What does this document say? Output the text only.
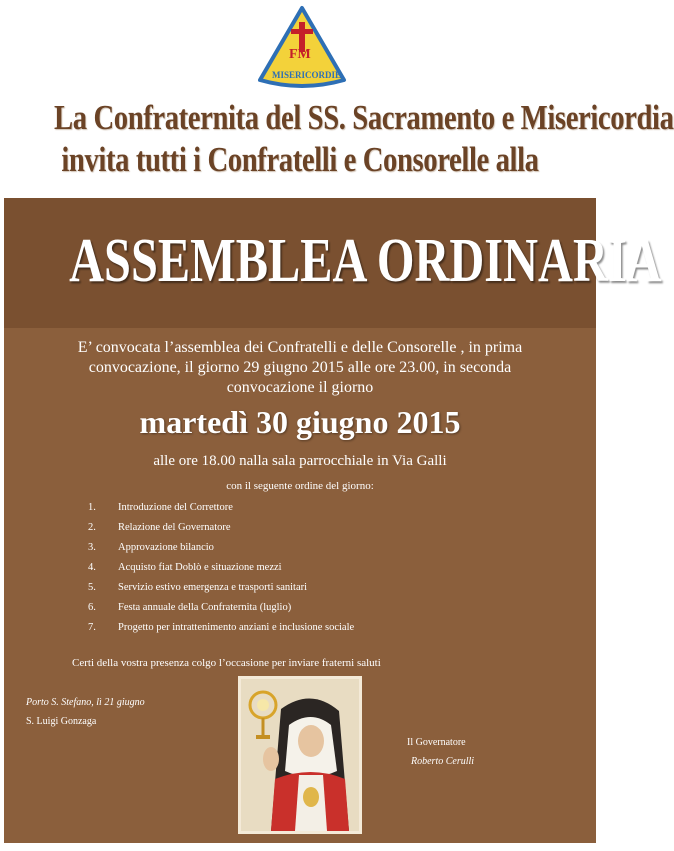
FM
MISERICORDIE
La Confraternita del SS. Sacramento e Misericordia
invita tutti i Confratelli e Consorelle alla
ASSEMBLEA ORDINARIA
E’ convocata l’assemblea dei Confratelli e delle Consorelle , in prima
convocazione, il giorno 29 giugno 2015 alle ore 23.00, in seconda
convocazione il giorno
martedì 30 giugno 2015
alle ore 18.00 nalla sala parrocchiale in Via Galli
con il seguente ordine del giorno:
1.	Introduzione del Correttore
2.	Relazione del Governatore
3.	Approvazione bilancio
4.	Acquisto fiat Doblò e situazione mezzi
5.	Servizio estivo emergenza e trasporti sanitari
6.	Festa annuale della Confraternita (luglio)
7.	Progetto per intrattenimento anziani e inclusione sociale
Certi della vostra presenza colgo l’occasione per inviare fraterni saluti
Porto S. Stefano, lì 21 giugno
S. Luigi Gonzaga
Il Governatore
Roberto Cerulli
